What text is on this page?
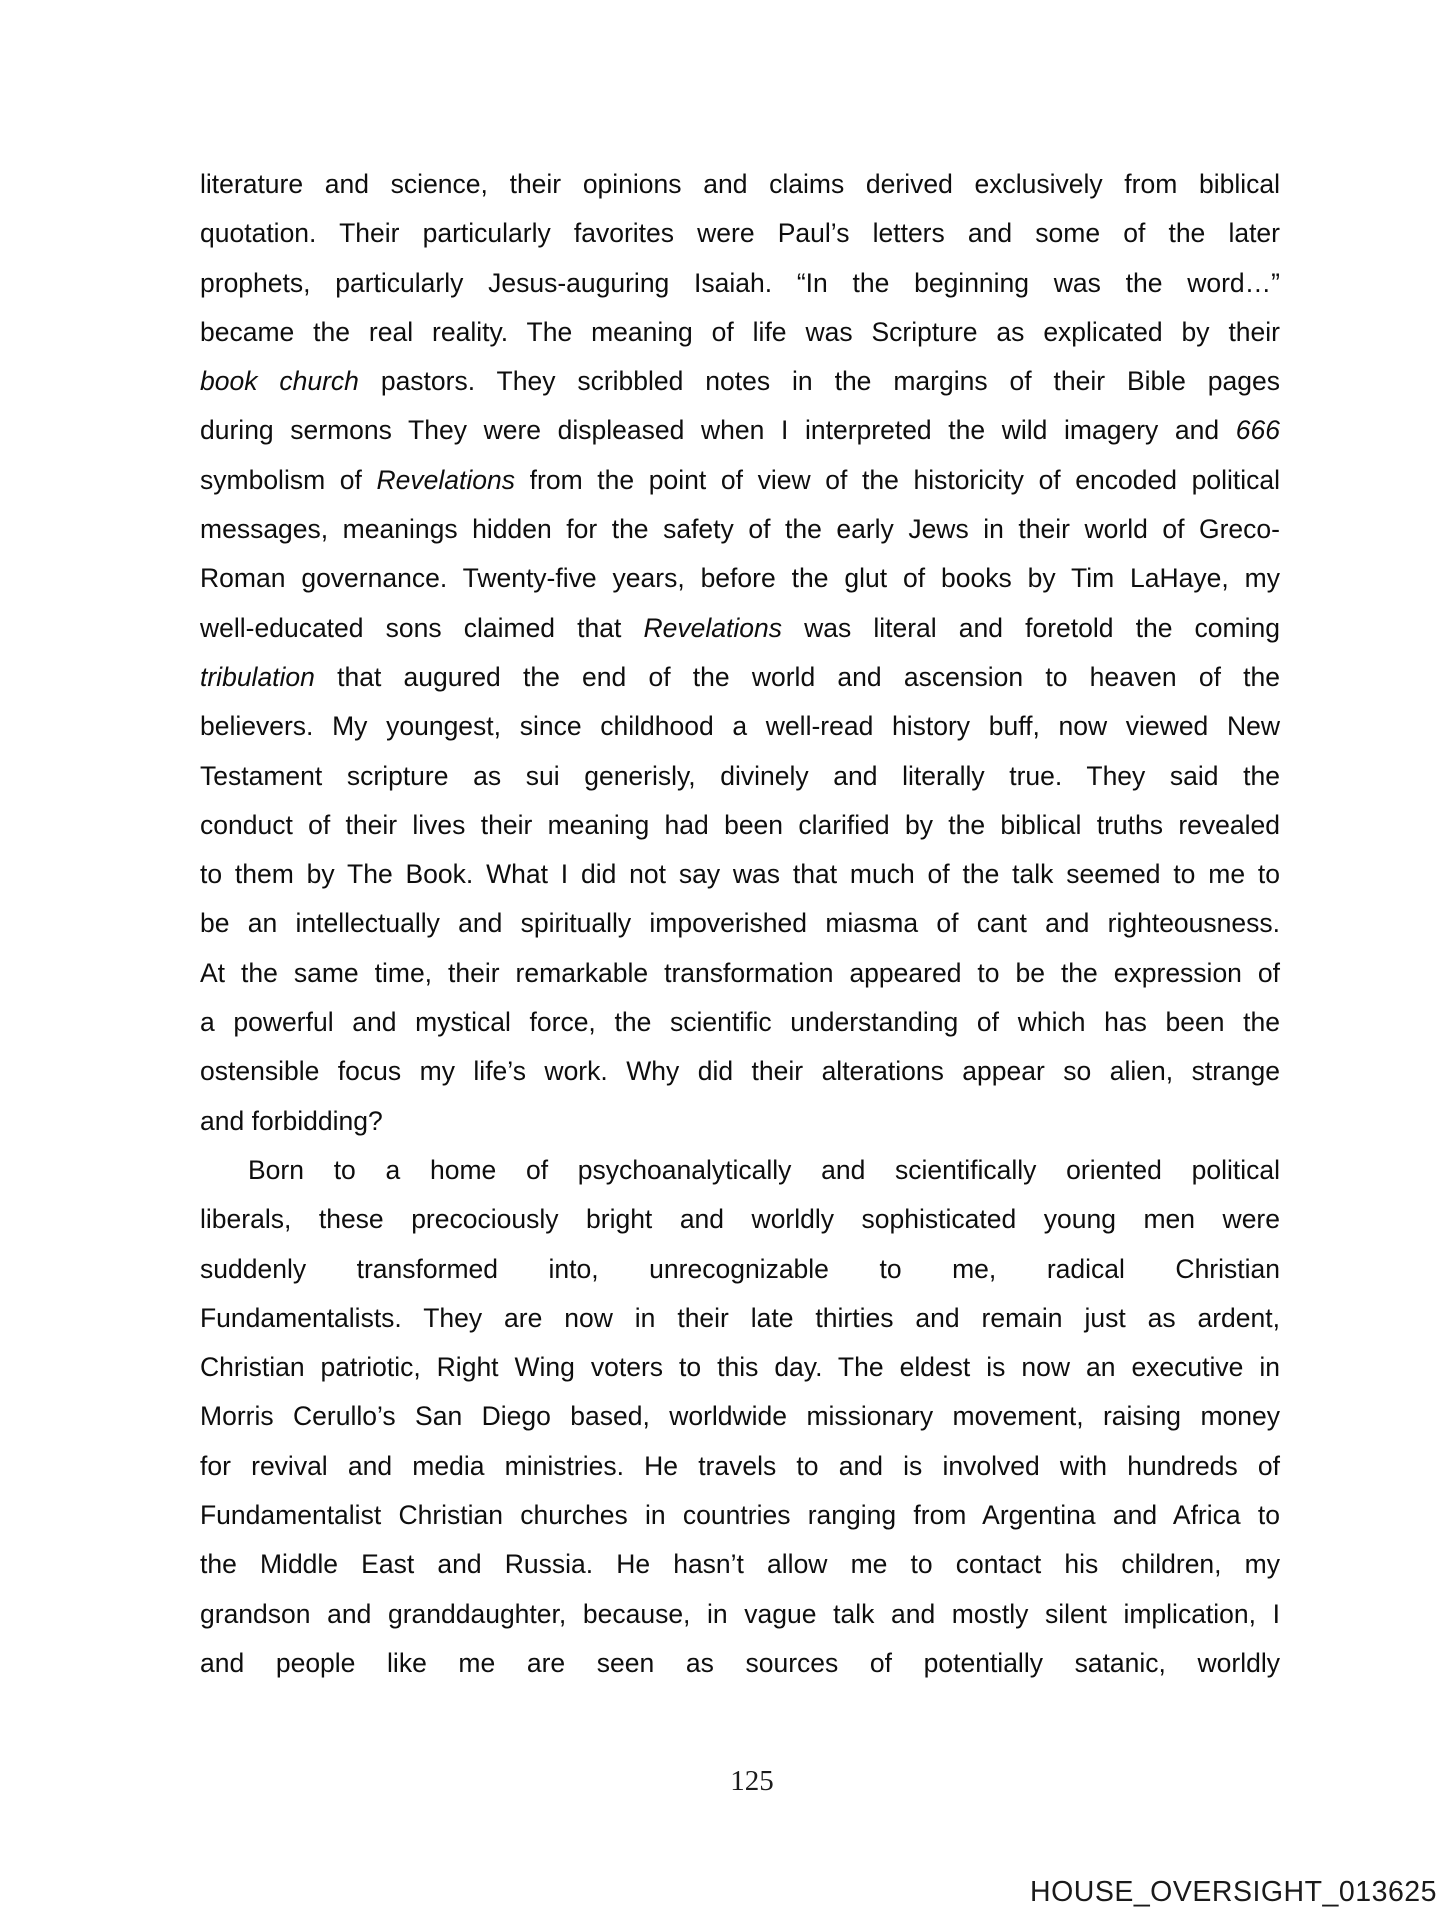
literature and science, their opinions and claims derived exclusively from biblical
quotation. Their particularly favorites were Paul’s letters and some of the later
prophets, particularly Jesus-auguring Isaiah. “In the beginning was the word…”
became the real reality. The meaning of life was Scripture as explicated by their
book church pastors. They scribbled notes in the margins of their Bible pages
during sermons They were displeased when I interpreted the wild imagery and 666
symbolism of Revelations from the point of view of the historicity of encoded political
messages, meanings hidden for the safety of the early Jews in their world of Greco-
Roman governance. Twenty-five years, before the glut of books by Tim LaHaye, my
well-educated sons claimed that Revelations was literal and foretold the coming
tribulation that augured the end of the world and ascension to heaven of the
believers. My youngest, since childhood a well-read history buff, now viewed New
Testament scripture as sui generisly, divinely and literally true. They said the
conduct of their lives their meaning had been clarified by the biblical truths revealed
to them by The Book. What I did not say was that much of the talk seemed to me to
be an intellectually and spiritually impoverished miasma of cant and righteousness.
At the same time, their remarkable transformation appeared to be the expression of
a powerful and mystical force, the scientific understanding of which has been the
ostensible focus my life’s work. Why did their alterations appear so alien, strange
and forbidding?
Born to a home of psychoanalytically and scientifically oriented political
liberals, these precociously bright and worldly sophisticated young men were
suddenly transformed into, unrecognizable to me, radical Christian
Fundamentalists. They are now in their late thirties and remain just as ardent,
Christian patriotic, Right Wing voters to this day. The eldest is now an executive in
Morris Cerullo’s San Diego based, worldwide missionary movement, raising money
for revival and media ministries. He travels to and is involved with hundreds of
Fundamentalist Christian churches in countries ranging from Argentina and Africa to
the Middle East and Russia. He hasn’t allow me to contact his children, my
grandson and granddaughter, because, in vague talk and mostly silent implication, I
and people like me are seen as sources of potentially satanic, worldly
125
HOUSE_OVERSIGHT_013625
